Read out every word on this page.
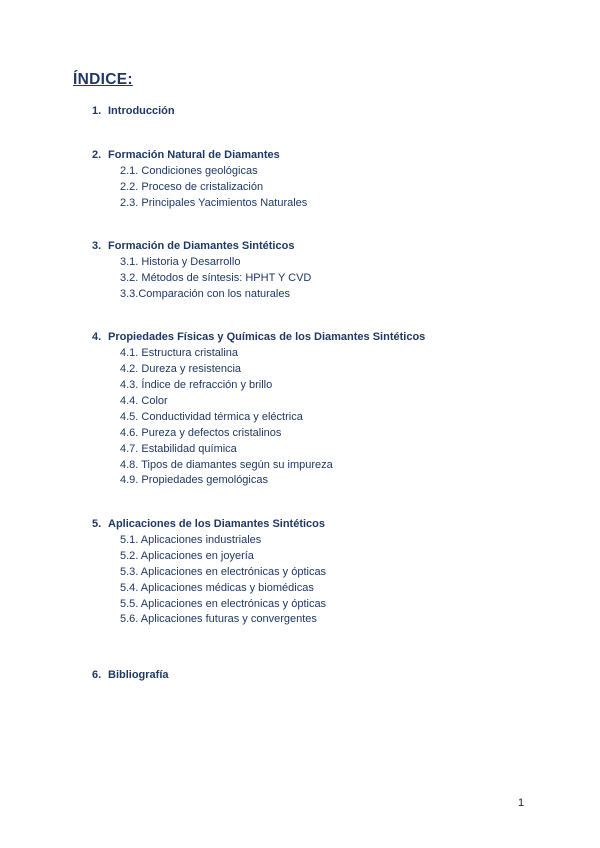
ÍNDICE:
1. Introducción
2. Formación Natural de Diamantes
2.1. Condiciones geológicas
2.2. Proceso de cristalización
2.3. Principales Yacimientos Naturales
3. Formación de Diamantes Sintéticos
3.1. Historia y Desarrollo
3.2. Métodos de síntesis: HPHT Y CVD
3.3.Comparación con los naturales
4. Propiedades Físicas y Químicas de los Diamantes Sintéticos
4.1. Estructura cristalina
4.2. Dureza y resistencia
4.3. Índice de refracción y brillo
4.4. Color
4.5. Conductividad térmica y eléctrica
4.6. Pureza y defectos cristalinos
4.7. Estabilidad química
4.8. Tipos de diamantes según su impureza
4.9. Propiedades gemológicas
5. Aplicaciones de los Diamantes Sintéticos
5.1. Aplicaciones industriales
5.2. Aplicaciones en joyería
5.3. Aplicaciones en electrónicas y ópticas
5.4. Aplicaciones médicas y biomédicas
5.5. Aplicaciones en electrónicas y ópticas
5.6. Aplicaciones futuras y convergentes
6. Bibliografía
1
